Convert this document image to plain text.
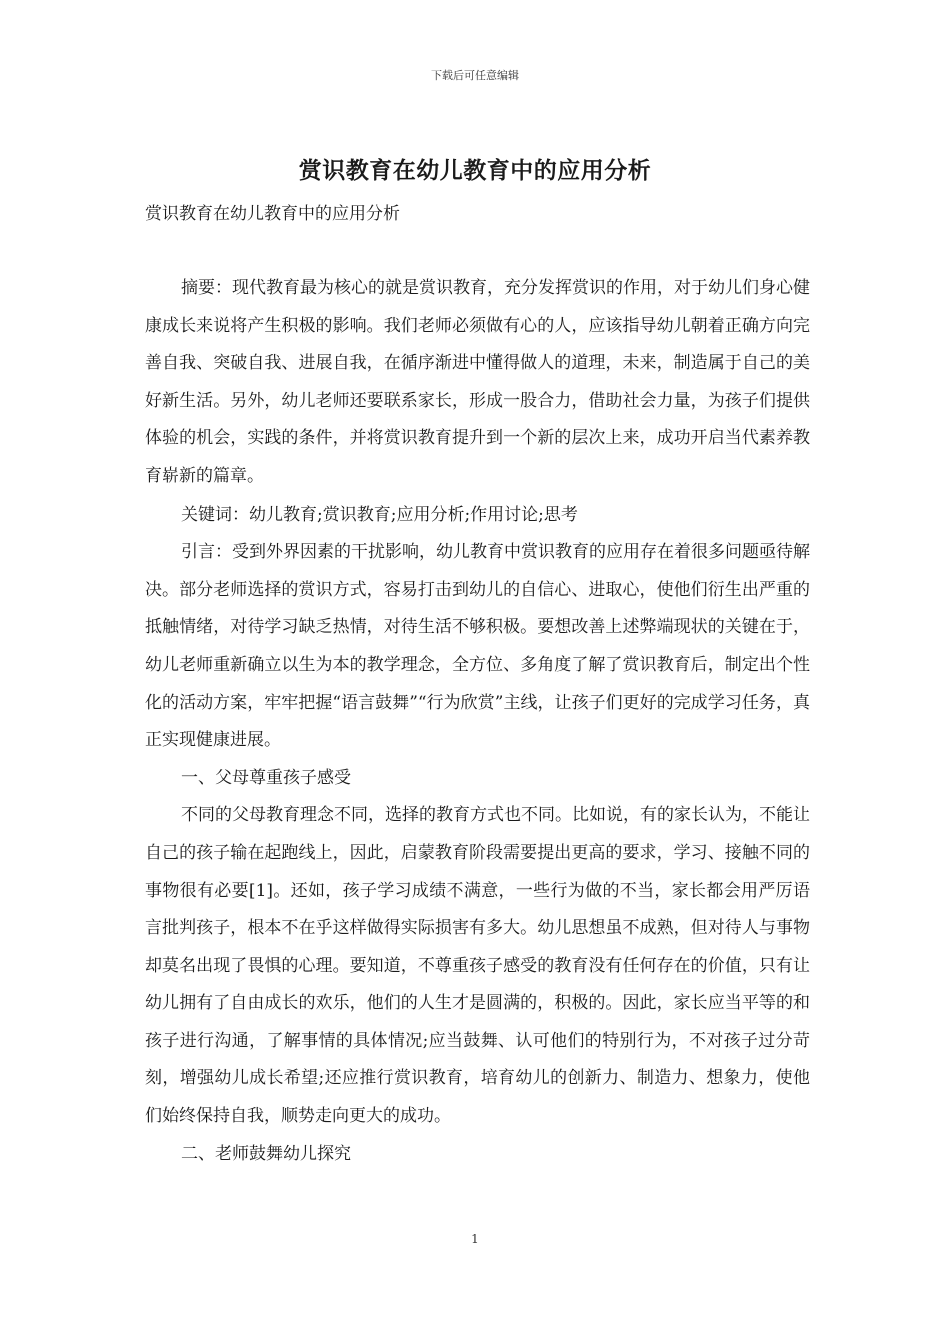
下载后可任意编辑
赏识教育在幼儿教育中的应用分析

赏识教育在幼儿教育中的应用分析

摘要：现代教育最为核心的就是赏识教育，充分发挥赏识的作用，对于幼儿们身心健康成长来说将产生积极的影响。我们老师必须做有心的人，应该指导幼儿朝着正确方向完善自我、突破自我、进展自我，在循序渐进中懂得做人的道理，未来，制造属于自己的美好新生活。另外，幼儿老师还要联系家长，形成一股合力，借助社会力量，为孩子们提供体验的机会，实践的条件，并将赏识教育提升到一个新的层次上来，成功开启当代素养教育崭新的篇章。

关键词：幼儿教育;赏识教育;应用分析;作用讨论;思考

引言：受到外界因素的干扰影响，幼儿教育中赏识教育的应用存在着很多问题亟待解决。部分老师选择的赏识方式，容易打击到幼儿的自信心、进取心，使他们衍生出严重的抵触情绪，对待学习缺乏热情，对待生活不够积极。要想改善上述弊端现状的关键在于，幼儿老师重新确立以生为本的教学理念，全方位、多角度了解了赏识教育后，制定出个性化的活动方案，牢牢把握“语言鼓舞”“行为欣赏”主线，让孩子们更好的完成学习任务，真正实现健康进展。

一、父母尊重孩子感受

不同的父母教育理念不同，选择的教育方式也不同。比如说，有的家长认为，不能让自己的孩子输在起跑线上，因此，启蒙教育阶段需要提出更高的要求，学习、接触不同的事物很有必要[1]。还如，孩子学习成绩不满意，一些行为做的不当，家长都会用严厉语言批判孩子，根本不在乎这样做得实际损害有多大。幼儿思想虽不成熟，但对待人与事物却莫名出现了畏惧的心理。要知道，不尊重孩子感受的教育没有任何存在的价值，只有让幼儿拥有了自由成长的欢乐，他们的人生才是圆满的，积极的。因此，家长应当平等的和孩子进行沟通，了解事情的具体情况;应当鼓舞、认可他们的特别行为，不对孩子过分苛刻，增强幼儿成长希望;还应推行赏识教育，培育幼儿的创新力、制造力、想象力，使他们始终保持自我，顺势走向更大的成功。

二、老师鼓舞幼儿探究

1
